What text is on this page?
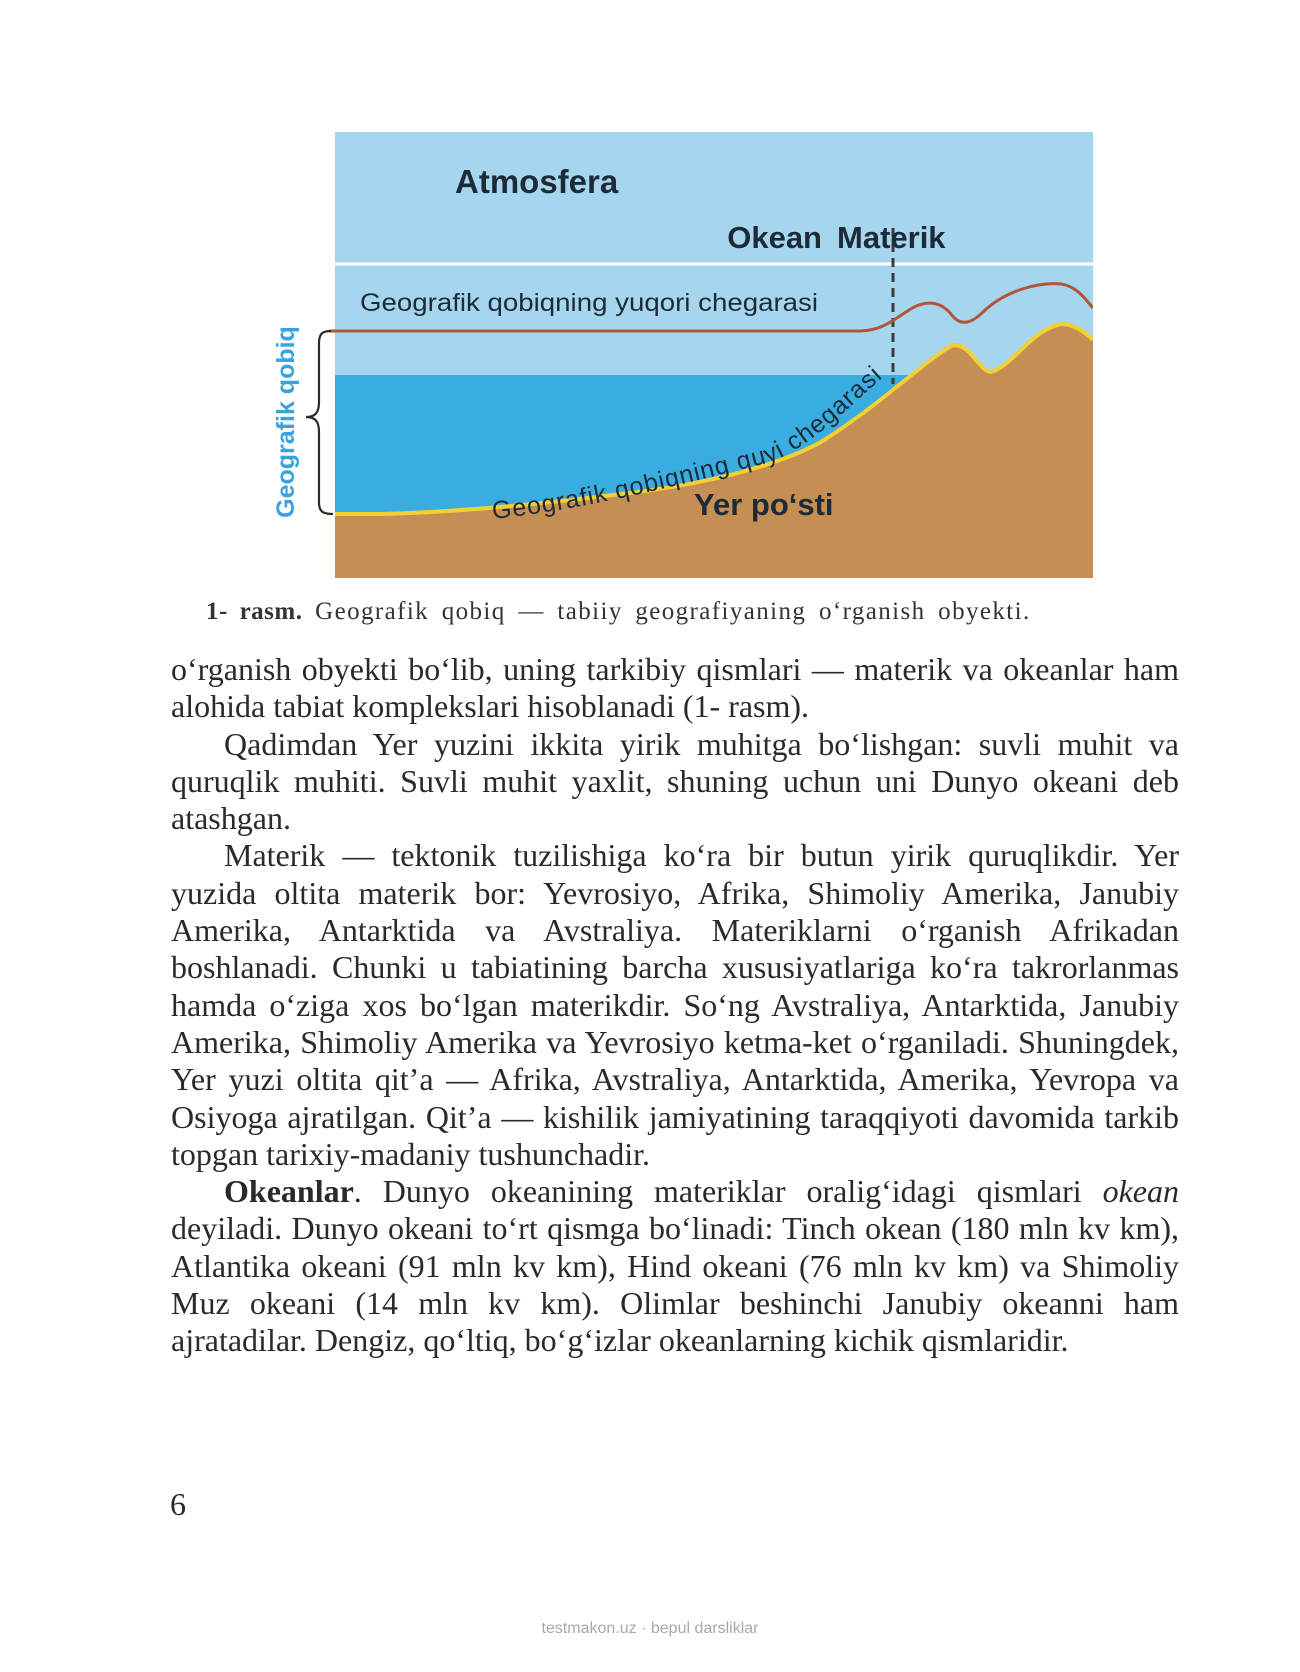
Atmosfera
Okean Materik
Geografik qobiqning yuqori chegarasi
Geografik qobiqning quyi chegarasi
Yer po‘sti
Geografik qobiq
1- rasm. Geografik qobiq — tabiiy geografiyaning o‘rganish obyekti.

o‘rganish obyekti bo‘lib, uning tarkibiy qismlari — materik va okeanlar ham alohida tabiat komplekslari hisoblanadi (1- rasm).

Qadimdan Yer yuzini ikkita yirik muhitga bo‘lishgan: suvli muhit va quruqlik muhiti. Suvli muhit yaxlit, shuning uchun uni Dunyo okeani deb atashgan.

Materik — tektonik tuzilishiga ko‘ra bir butun yirik quruqlikdir. Yer yuzida oltita materik bor: Yevrosiyo, Afrika, Shimoliy Amerika, Janubiy Amerika, Antarktida va Avstraliya. Materiklarni o‘rganish Afrikadan boshlanadi. Chunki u tabiatining barcha xususiyatlariga ko‘ra takrorlanmas hamda o‘ziga xos bo‘lgan materikdir. So‘ng Avstraliya, Antarktida, Janubiy Amerika, Shimoliy Amerika va Yevrosiyo ketma-ket o‘rganiladi. Shuningdek, Yer yuzi oltita qit’a — Afrika, Avstraliya, Antarktida, Amerika, Yevropa va Osiyoga ajratilgan. Qit’a — kishilik jamiyatining taraqqiyoti davomida tarkib topgan tarixiy-madaniy tushunchadir.

Okeanlar. Dunyo okeanining materiklar oralig‘idagi qismlari okean deyiladi. Dunyo okeani to‘rt qismga bo‘linadi: Tinch okean (180 mln kv km), Atlantika okeani (91 mln kv km), Hind okeani (76 mln kv km) va Shimoliy Muz okeani (14 mln kv km). Olimlar beshinchi Janubiy okeanni ham ajratadilar. Dengiz, qo‘ltiq, bo‘g‘izlar okeanlarning kichik qismlaridir.

6
testmakon.uz · bepul darsliklar
